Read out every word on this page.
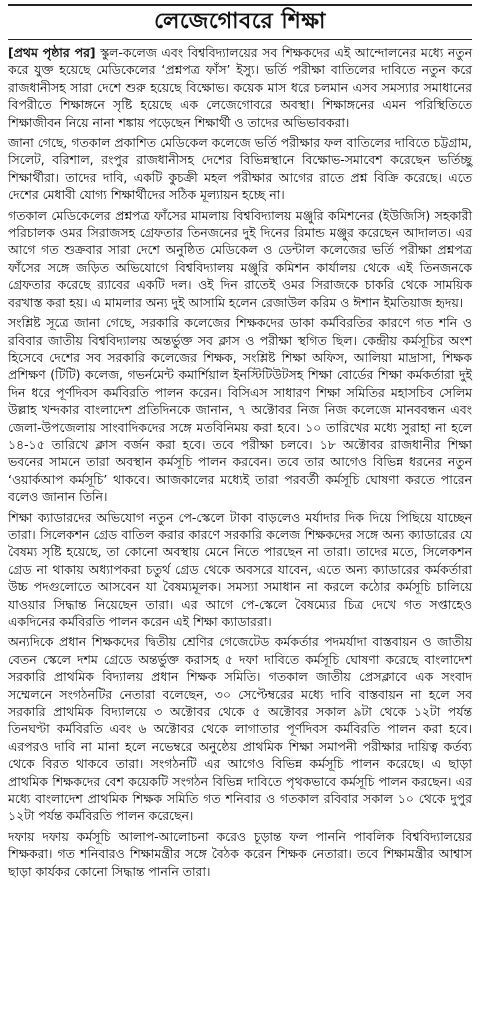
লেজেগোবরে শিক্ষা

[ প্রথম পৃষ্ঠার পর ] স্কুল-কলেজ এবং বিশ্ববিদ্যালয়ের সব শিক্ষকদের এই আন্দোলনের মধ্যে নতুন করে যুক্ত হয়েছে মেডিকেলের ‘প্রশ্নপত্র ফাঁস’ ইস্যু। ভর্তি পরীক্ষা বাতিলের দাবিতে নতুন করে রাজধানীসহ সারা দেশে শুরু হয়েছে বিক্ষোভ। কয়েক মাস ধরে চলমান এসব সমস্যার সমাধানের বিপরীতে শিক্ষাঙ্গনে সৃষ্টি হয়েছে এক লেজেগোবরে অবস্থা। শিক্ষাঙ্গনের এমন পরিস্থিতিতে শিক্ষাজীবন নিয়ে নানা শঙ্কায় পড়েছেন শিক্ষার্থী ও তাদের অভিভাবকরা।

জানা গেছে, গতকাল প্রকাশিত মেডিকেল কলেজে ভর্তি পরীক্ষার ফল বাতিলের দাবিতে চট্টগ্রাম, সিলেট, বরিশাল, রংপুর রাজধানীসহ দেশের বিভিন্নস্থানে বিক্ষোভ-সমাবেশ করেছেন ভর্তিচ্ছু শিক্ষার্থীরা। তাদের দাবি, একটি কুচক্রী মহল পরীক্ষার আগের রাতে প্রশ্ন বিক্রি করেছে। এতে দেশের মেধাবী যোগ্য শিক্ষার্থীদের সঠিক মূল্যায়ন হচ্ছে না।

গতকাল মেডিকেলের প্রশ্নপত্র ফাঁসের মামলায় বিশ্ববিদ্যালয় মঞ্জুরি কমিশনের (ইউজিসি) সহকারী পরিচালক ওমর সিরাজসহ গ্রেফতার তিনজনের দুই দিনের রিমান্ড মঞ্জুর করেছেন আদালত। এর আগে গত শুক্রবার সারা দেশে অনুষ্ঠিত মেডিকেল ও ডেন্টাল কলেজের ভর্তি পরীক্ষা প্রশ্নপত্র ফাঁসের সঙ্গে জড়িত অভিযোগে বিশ্ববিদ্যালয় মঞ্জুরি কমিশন কার্যালয় থেকে এই তিনজনকে গ্রেফতার করেছে র‌্যাবের একটি দল। ওই দিন রাতেই ওমর সিরাজকে চাকরি থেকে সাময়িক বরখাস্ত করা হয়। এ মামলার অন্য দুই আসামি হলেন রেজাউল করিম ও ঈশান ইমতিয়াজ হৃদয়।

সংশ্লিষ্ট সূত্রে জানা গেছে, সরকারি কলেজের শিক্ষকদের ডাকা কর্মবিরতির কারণে গত শনি ও রবিবার জাতীয় বিশ্ববিদ্যালয় অন্তর্ভুক্ত সব ক্লাস ও পরীক্ষা স্থগিত ছিল। কেন্দ্রীয় কর্মসূচির অংশ হিসেবে দেশের সব সরকারি কলেজের শিক্ষক, সংশ্লিষ্ট শিক্ষা অফিস, আলিয়া মাদ্রাসা, শিক্ষক প্রশিক্ষণ (টিটি) কলেজ, গভর্নমেন্ট কমার্শিয়াল ইনস্টিটিউটসহ শিক্ষা বোর্ডের শিক্ষা কর্মকর্তারা দুই দিন ধরে পূর্ণদিবস কর্মবিরতি পালন করেন। বিসিএস সাধারণ শিক্ষা সমিতির মহাসচিব সেলিম উল্লাহ খন্দকার বাংলাদেশ প্রতিদিনকে জানান, ৭ অক্টোবর নিজ নিজ কলেজে মানববন্ধন এবং জেলা-উপজেলায় সাংবাদিকদের সঙ্গে মতবিনিময় করা হবে। ১০ তারিখের মধ্যে সুরাহা না হলে ১৪-১৫ তারিখে ক্লাস বর্জন করা হবে। তবে পরীক্ষা চলবে। ১৮ অক্টোবর রাজধানীর শিক্ষা ভবনের সামনে তারা অবস্থান কর্মসূচি পালন করবেন। তবে তার আগেও বিভিন্ন ধরনের নতুন ‘ওয়ার্কআপ কর্মসূচি’ থাকবে। আজকালের মধ্যেই তারা পরবর্তী কর্মসূচি ঘোষণা করতে পারেন বলেও জানান তিনি।

শিক্ষা ক্যাডারদের অভিযোগ নতুন পে-স্কেলে টাকা বাড়লেও মর্যাদার দিক দিয়ে পিছিয়ে যাচ্ছেন তারা। সিলেকশন গ্রেড বাতিল করার কারণে সরকারি কলেজ শিক্ষকদের সঙ্গে অন্য ক্যাডারের যে বৈষম্য সৃষ্টি হয়েছে, তা কোনো অবস্থায় মেনে নিতে পারছেন না তারা। তাদের মতে, সিলেকশন গ্রেড না থাকায় অধ্যাপকরা চতুর্থ গ্রেড থেকে অবসরে যাবেন, এতে অন্য ক্যাডারের কর্মকর্তারা উচ্চ পদগুলোতে আসবেন যা বৈষম্যমূলক। সমস্যা সমাধান না করলে কঠোর কর্মসূচি চালিয়ে যাওয়ার সিদ্ধান্ত নিয়েছেন তারা। এর আগে পে-স্কেলে বৈষম্যের চিত্র দেখে গত সপ্তাহেও একদিনের কর্মবিরতি পালন করেন এই শিক্ষা ক্যাডাররা।

অন্যদিকে প্রধান শিক্ষকদের দ্বিতীয় শ্রেণির গেজেটেড কর্মকর্তার পদমর্যাদা বাস্তবায়ন ও জাতীয় বেতন স্কেলে দশম গ্রেডে অন্তর্ভুক্ত করাসহ ৫ দফা দাবিতে কর্মসূচি ঘোষণা করেছে বাংলাদেশ সরকারি প্রাথমিক বিদ্যালয় প্রধান শিক্ষক সমিতি। গতকাল জাতীয় প্রেসক্লাবে এক সংবাদ সম্মেলনে সংগঠনটির নেতারা বলেছেন, ৩০ সেপ্টেম্বরের মধ্যে দাবি বাস্তবায়ন না হলে সব সরকারি প্রাথমিক বিদ্যালয়ে ৩ অক্টোবর থেকে ৫ অক্টোবর সকাল ৯টা থেকে ১২টা পর্যন্ত তিনঘণ্টা কর্মবিরতি এবং ৬ অক্টোবর থেকে লাগাতার পূর্ণদিবস কর্মবিরতি পালন করা হবে। এরপরও দাবি না মানা হলে নভেম্বরে অনুষ্ঠেয় প্রাথমিক শিক্ষা সমাপনী পরীক্ষার দায়িত্ব কর্তব্য থেকে বিরত থাকবে তারা। সংগঠনটি এর আগেও বিভিন্ন কর্মসূচি পালন করেছে। এ ছাড়া প্রাথমিক শিক্ষকদের বেশ কয়েকটি সংগঠন বিভিন্ন দাবিতে পৃথকভাবে কর্মসূচি পালন করছেন। এর মধ্যে বাংলাদেশ প্রাথমিক শিক্ষক সমিতি গত শনিবার ও গতকাল রবিবার সকাল ১০ থেকে দুপুর ১২টা পর্যন্ত কর্মবিরতি পালন করেছেন।

দফায় দফায় কর্মসূচি আলাপ-আলোচনা করেও চূড়ান্ত ফল পাননি পাবলিক বিশ্ববিদ্যালয়ের শিক্ষকরা। গত শনিবারও শিক্ষামন্ত্রীর সঙ্গে বৈঠক করেন শিক্ষক নেতারা। তবে শিক্ষামন্ত্রীর আশ্বাস ছাড়া কার্যকর কোনো সিদ্ধান্ত পাননি তারা।
